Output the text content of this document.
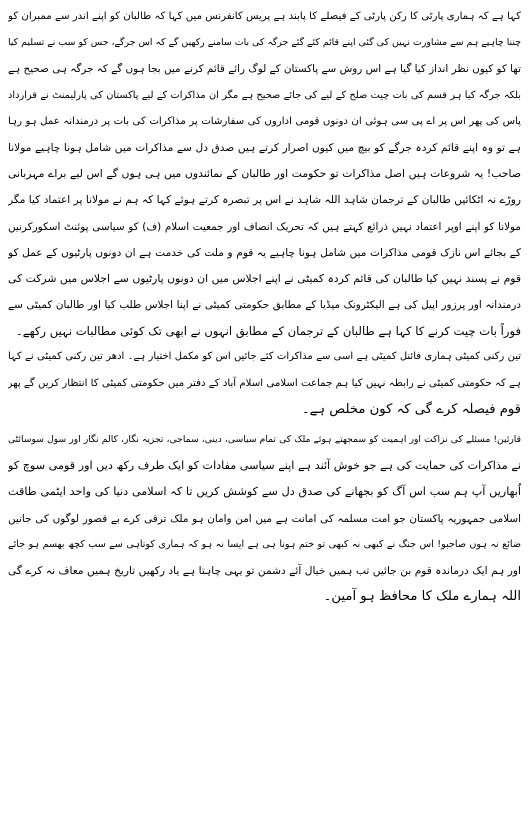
کہا ہے کہ ہماری پارٹی کا رکن پارٹی کے فیصلے کا پابند ہے پریس کانفرنس میں کہا کہ طالبان کو اپنے اندر سے ممبران کو
چننا چاہیے ہم سے مشاورت نہیں کی گئی اپنے قائم کئے گئے جرگہ کی بات سامنے رکھیں گے کہ اس جرگے، جس کو سب نے تسلیم کیا
تھا کو کیوں نظر انداز کیا گیا ہے اس روش سے پاکستان کے لوگ رائے قائم کرنے میں بجا ہوں گے کہ جرگہ ہی صحیح ہے
بلکہ جرگہ کیا ہر قسم کی بات چیت صلح کے لیے کی جائے صحیح ہے مگر ان مذاکرات کے لیے پاکستان کی پارلیمنٹ نے قرارداد
پاس کی پھر اس پر اے پی سی ہوئی ان دونوں قومی اداروں کی سفارشات پر مذاکرات کی بات پر درمندانہ عمل ہو رہا
ہے تو وہ اپنے قائم کردہ جرگے کو بیچ میں کیوں اصرار کرتے ہیں صدق دل سے مذاکرات میں شامل ہونا چاہیے مولانا
صاحب! یہ شروعات ہیں اصل مذاکرات تو حکومت اور طالبان کے نمائندوں میں ہی ہوں گے اس لیے براے مہربانی
روڑے نہ اٹکائیں طالبان کے ترجمان شاہد اللہ شاہد نے اس پر تبصرہ کرتے ہوئے کہا کہ ہم نے مولانا پر اعتماد کیا مگر
مولانا کو اپنے اوپر اعتماد نہیں ذرائع کہتے ہیں کہ تحریک انصاف اور جمعیت اسلام (ف) کو سیاسی پوئنٹ اسکورکرنیں
کے بجائے اس نازک قومی مذاکرات میں شامل ہونا چاہیے یہ قوم و ملت کی خدمت ہے ان دونوں پارٹیوں کے عمل کو
قوم نے پسند نہیں کیا طالبان کی قائم کردہ کمیٹی نے اپنے اجلاس میں ان دونوں پارٹیوں سے اجلاس میں شرکت کی
درمندانہ اور پرزور اپیل کی ہے الیکٹرونک میڈیا کے مطابق حکومتی کمیٹی نے اپنا اجلاس طلب کیا اور طالبان کمیٹی سے
فوراً بات چیت کرنے کا کہا ہے طالبان کے ترجمان کے مطابق انہوں نے ابھی تک کوئی مطالبات نہیں رکھے۔
تین رکنی کمیٹی ہماری فائنل کمیٹی ہے اسی سے مذاکرات کئے جائیں اس کو مکمل اختیار ہے۔ ادھر تین رکنی کمیٹی نے کہا
ہے کہ حکومتی کمیٹی نے رابطہ نہیں کیا ہم جماعت اسلامی اسلام آباد کے دفتر میں حکومتی کمیٹی کا انتظار کریں گے پھر
قوم فیصلہ کرے گی کہ کون مخلص ہے۔
قارئین! مسئلے کی نزاکت اور اہمیت کو سمجھتے ہوئے ملک کی تمام سیاسی، دینی، سماجی، تجزیہ نگار، کالم نگار اور سول سوسائٹی
نے مذاکرات کی حمایت کی ہے جو خوش آئند ہے اپنے سیاسی مفادات کو ایک طرف رکھ دیں اور قومی سوچ کو
اُبھاریں آپ ہم سب اس آگ کو بجھانے کی صدق دل سے کوشش کریں تا کہ اسلامی دنیا کی واحد ایٹمی طاقت
اسلامی جمہوریہ پاکستان جو امت مسلمہ کی امانت ہے میں امن وامان ہو ملک ترقی کرے بے قصور لوگوں کی جانیں
ضائع نہ ہوں صاحبو! اس جنگ نے کبھی نہ کبھی تو ختم ہونا ہی ہے ایسا نہ ہو کہ ہماری کوتاہی سے سب کچھ بھسم ہو جائے
اور ہم ایک درماندہ قوم بن جائیں تب ہمیں خیال آئے دشمن تو یہی چاہتا ہے یاد رکھیں تاریخ ہمیں معاف نہ کرے گی
اللہ ہمارے ملک کا محافظ ہو آمین۔
